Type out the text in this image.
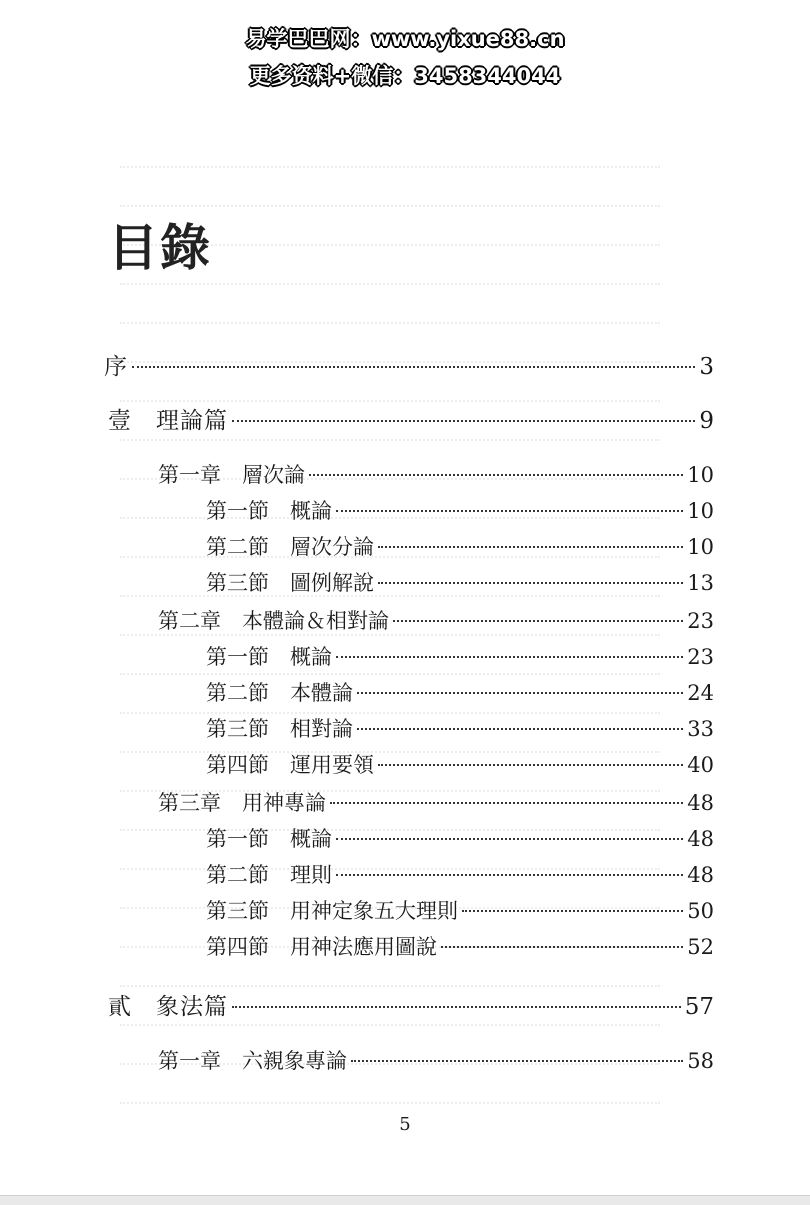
易学巴巴网：www.yixue88.cn
更多资料+微信：3458344044
目錄
序	3
壹　理論篇	9
第一章　層次論	10
第一節　概論	10
第二節　層次分論	10
第三節　圖例解說	13
第二章　本體論＆相對論	23
第一節　概論	23
第二節　本體論	24
第三節　相對論	33
第四節　運用要領	40
第三章　用神專論	48
第一節　概論	48
第二節　理則	48
第三節　用神定象五大理則	50
第四節　用神法應用圖說	52
貳　象法篇	57
第一章　六親象專論	58
5
